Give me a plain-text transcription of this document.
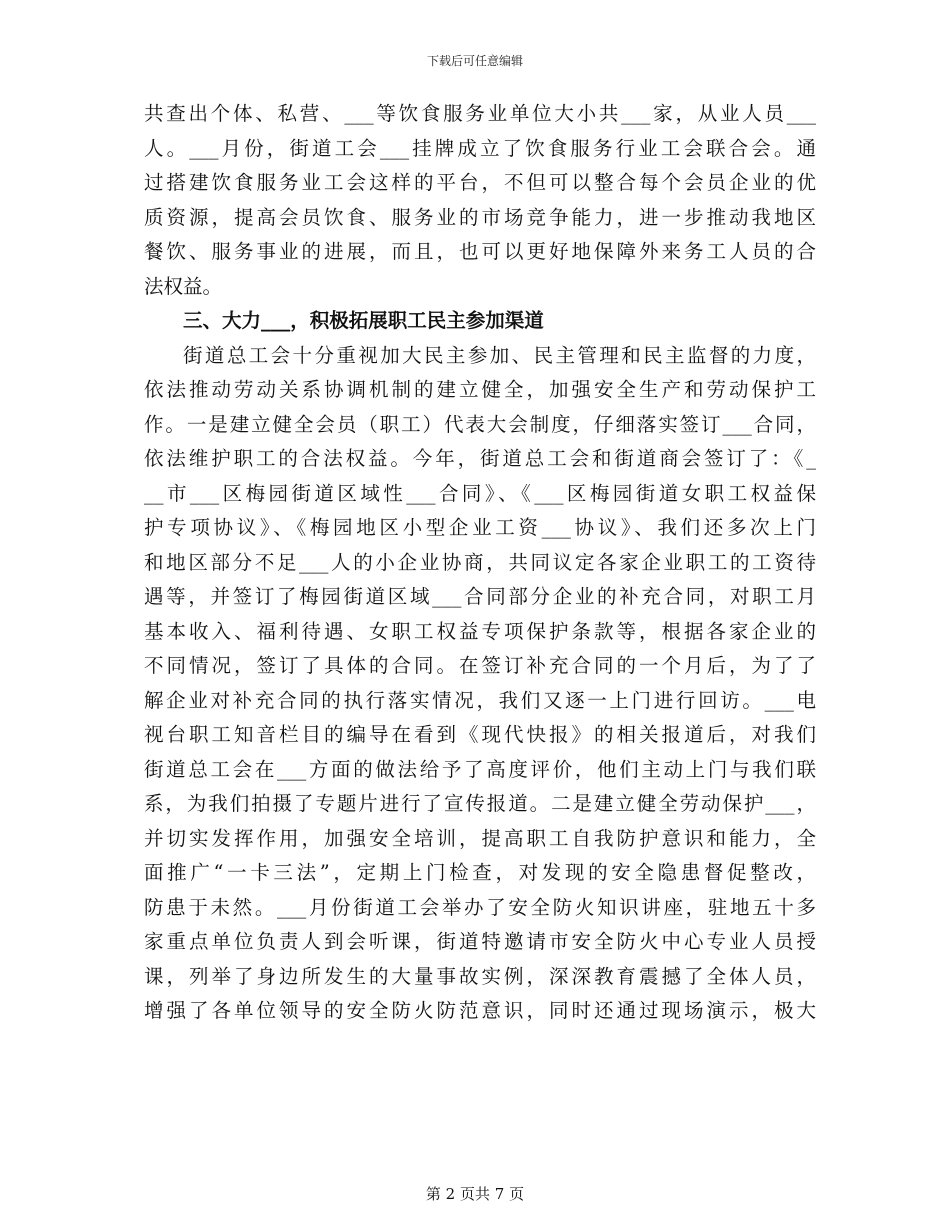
下载后可任意编辑
共查出个体、私营、___等饮食服务业单位大小共___家，从业人员___
人。___月份，街道工会___挂牌成立了饮食服务行业工会联合会。通
过搭建饮食服务业工会这样的平台，不但可以整合每个会员企业的优
质资源，提高会员饮食、服务业的市场竞争能力，进一步推动我地区
餐饮、服务事业的进展，而且，也可以更好地保障外来务工人员的合
法权益。
三、大力___，积极拓展职工民主参加渠道
街道总工会十分重视加大民主参加、民主管理和民主监督的力度，
依法推动劳动关系协调机制的建立健全，加强安全生产和劳动保护工
作。一是建立健全会员（职工）代表大会制度，仔细落实签订___合同，
依法维护职工的合法权益。今年，街道总工会和街道商会签订了：《_
__市___区梅园街道区域性___合同》、《___区梅园街道女职工权益保
护专项协议》、《梅园地区小型企业工资___协议》、我们还多次上门
和地区部分不足___人的小企业协商，共同议定各家企业职工的工资待
遇等，并签订了梅园街道区域___合同部分企业的补充合同，对职工月
基本收入、福利待遇、女职工权益专项保护条款等，根据各家企业的
不同情况，签订了具体的合同。在签订补充合同的一个月后，为了了
解企业对补充合同的执行落实情况，我们又逐一上门进行回访。___电
视台职工知音栏目的编导在看到《现代快报》的相关报道后，对我们
街道总工会在___方面的做法给予了高度评价，他们主动上门与我们联
系，为我们拍摄了专题片进行了宣传报道。二是建立健全劳动保护___，
并切实发挥作用，加强安全培训，提高职工自我防护意识和能力，全
面推广“一卡三法”，定期上门检查，对发现的安全隐患督促整改，
防患于未然。___月份街道工会举办了安全防火知识讲座，驻地五十多
家重点单位负责人到会听课，街道特邀请市安全防火中心专业人员授
课，列举了身边所发生的大量事故实例，深深教育震撼了全体人员，
增强了各单位领导的安全防火防范意识，同时还通过现场演示，极大
第 2 页共 7 页
